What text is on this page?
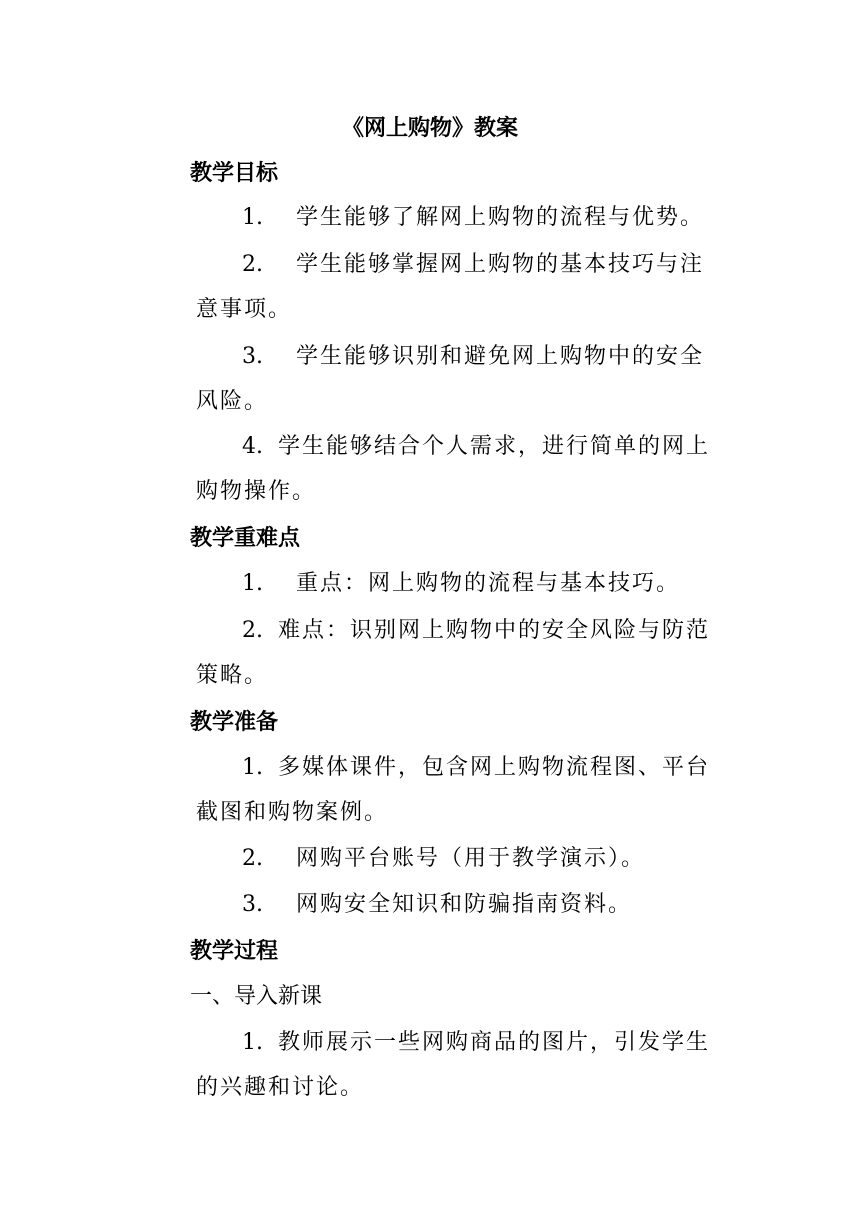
《网上购物》教案
教学目标
1.	学生能够了解网上购物的流程与优势。
2.	学生能够掌握网上购物的基本技巧与注
意事项。
3.	学生能够识别和避免网上购物中的安全
风险。
4. 学生能够结合个人需求，进行简单的网上
购物操作。
教学重难点
1.	重点：网上购物的流程与基本技巧。
2. 难点：识别网上购物中的安全风险与防范
策略。
教学准备
1. 多媒体课件，包含网上购物流程图、平台
截图和购物案例。
2.	网购平台账号（用于教学演示）。
3.	网购安全知识和防骗指南资料。
教学过程
一、导入新课
1. 教师展示一些网购商品的图片，引发学生
的兴趣和讨论。
